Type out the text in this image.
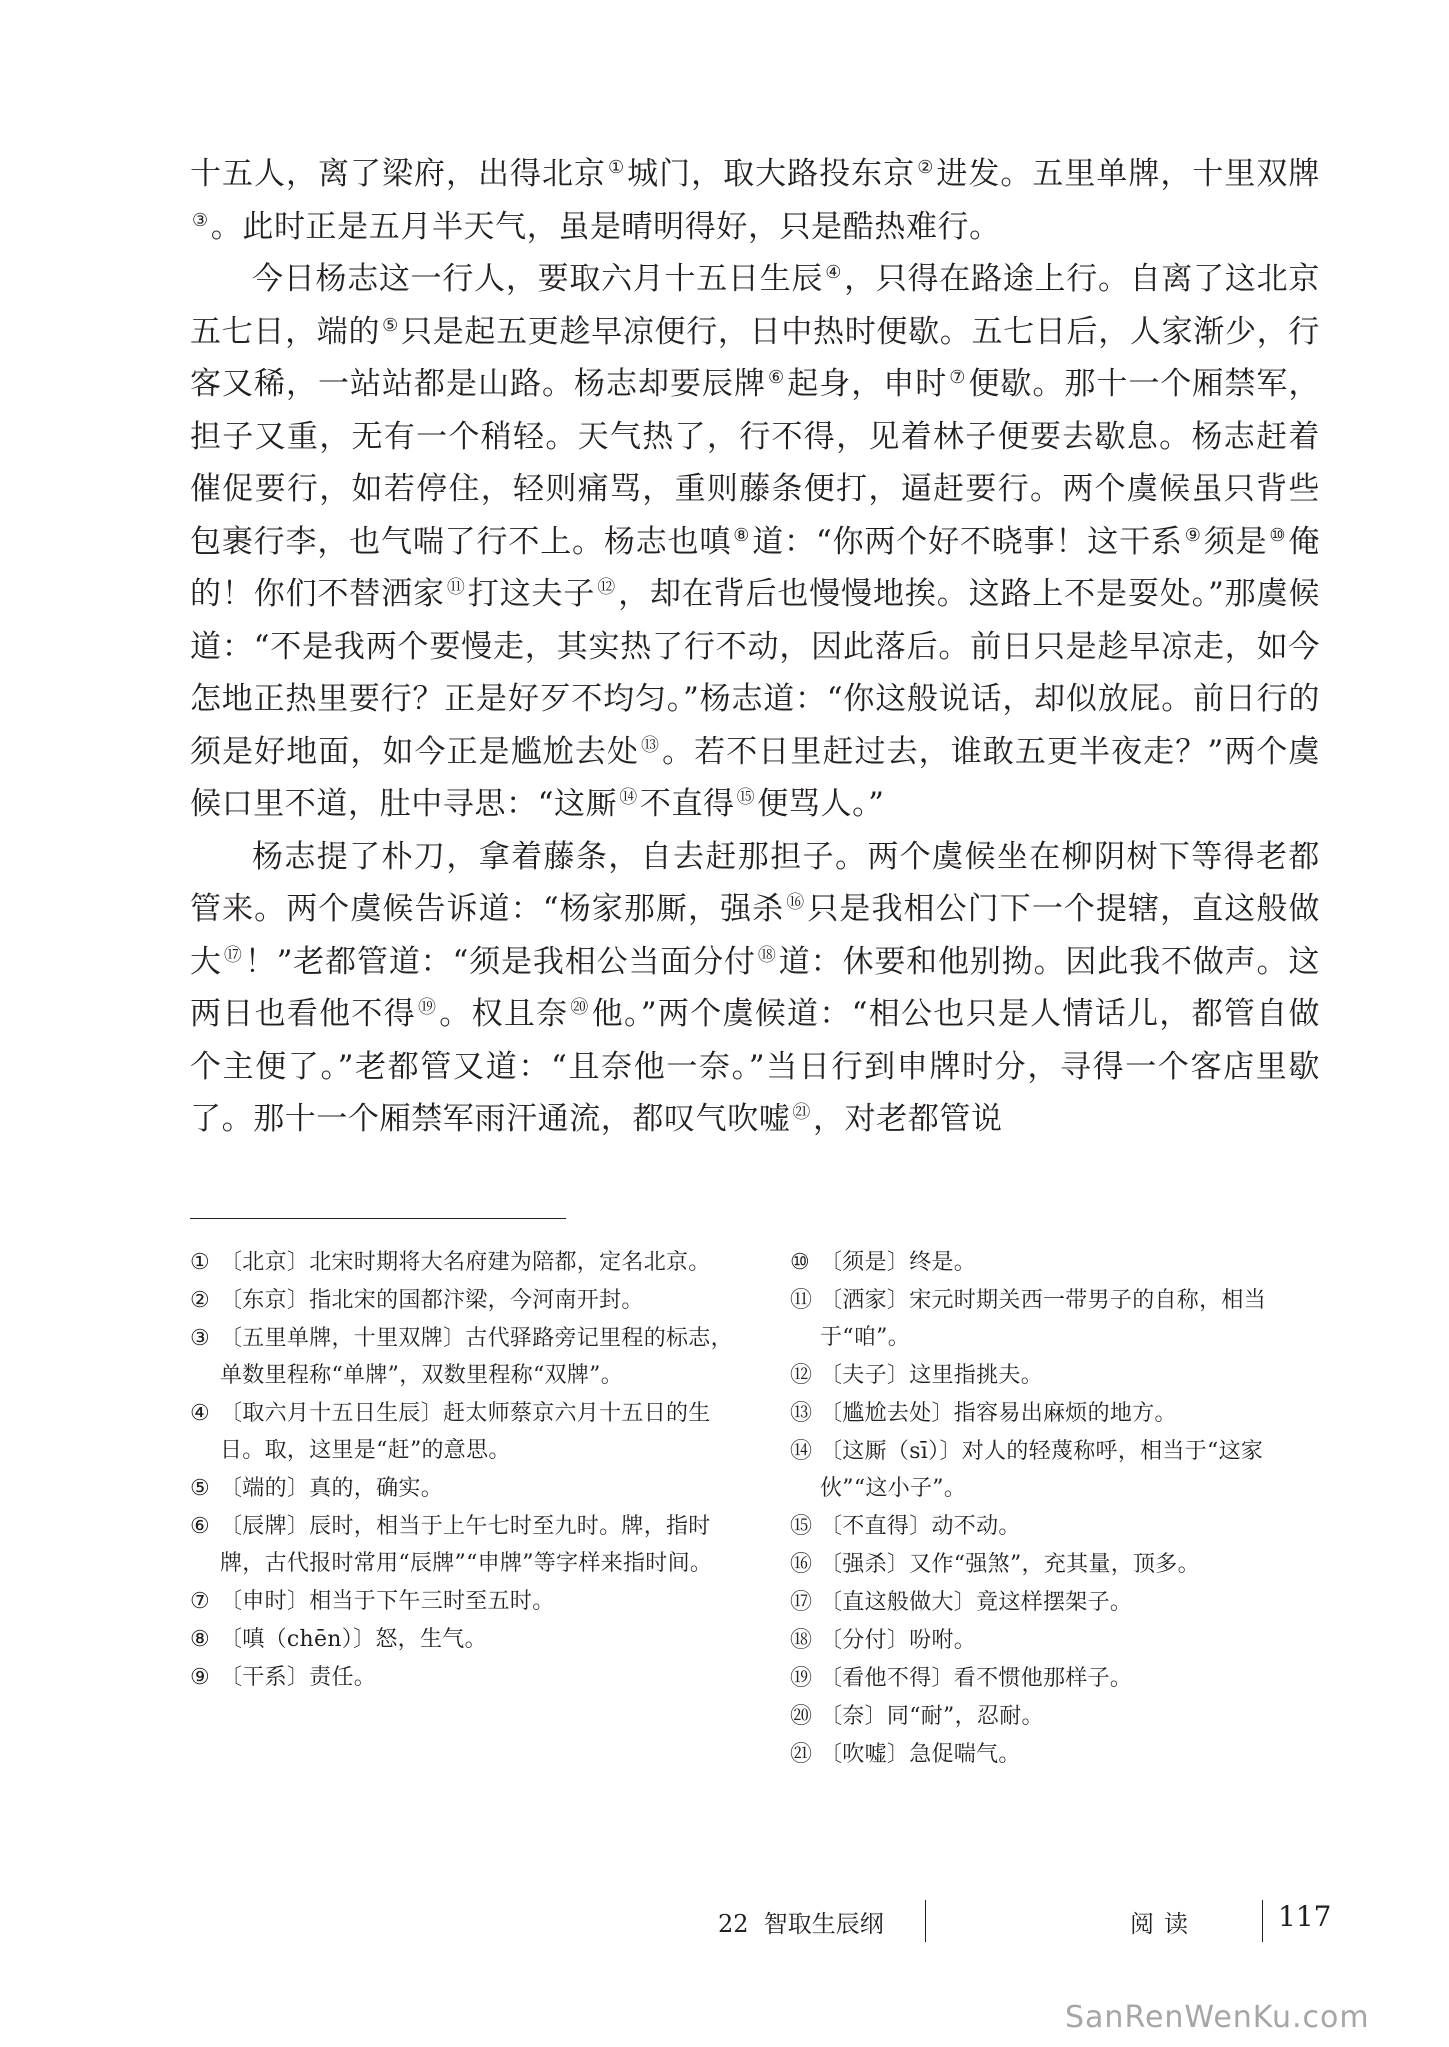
十五人，离了梁府，出得北京 ①城门，取大路投东京 ②进发。五里单牌，十里双牌③。此时正是五月半天气，虽是晴明得好，只是酷热难行。

今日杨志这一行人，要取六月十五日生辰 ④，只得在路途上行。自离了这北京五七日，端的 ⑤只是起五更趁早凉便行，日中热时便歇。五七日后，人家渐少，行客又稀，一站站都是山路。杨志却要辰牌 ⑥起身，申时 ⑦便歇。那十一个厢禁军，担子又重，无有一个稍轻。天气热了，行不得，见着林子便要去歇息。杨志赶着催促要行，如若停住，轻则痛骂，重则藤条便打，逼赶要行。两个虞候虽只背些包裹行李，也气喘了行不上。杨志也嗔 ⑧道：“你两个好不晓事！这干系 ⑨须是 ⑩俺的！你们不替洒家 ⑪打这夫子 ⑫，却在背后也慢慢地挨。这路上不是耍处。”那虞候道：“不是我两个要慢走，其实热了行不动，因此落后。前日只是趁早凉走，如今怎地正热里要行？正是好歹不均匀。”杨志道：“你这般说话，却似放屁。前日行的须是好地面，如今正是尴尬去处 ⑬。若不日里赶过去，谁敢五更半夜走？”两个虞候口里不道，肚中寻思：“这厮 ⑭不直得 ⑮便骂人。”

杨志提了朴刀，拿着藤条，自去赶那担子。两个虞候坐在柳阴树下等得老都管来。两个虞候告诉道：“杨家那厮，强杀 ⑯只是我相公门下一个提辖，直这般做大 ⑰！”老都管道：“须是我相公当面分付 ⑱道：休要和他别拗。因此我不做声。这两日也看他不得 ⑲。权且奈 ⑳他。”两个虞候道：“相公也只是人情话儿，都管自做个主便了。”老都管又道：“且奈他一奈。”当日行到申牌时分，寻得一个客店里歇了。那十一个厢禁军雨汗通流，都叹气吹嘘 $^㉑$，对老都管说

① 〔北京〕北宋时期将大名府建为陪都，定名北京。
② 〔东京〕指北宋的国都汴梁，今河南开封。
③ 〔五里单牌，十里双牌〕古代驿路旁记里程的标志，单数里程称“单牌”，双数里程称“双牌”。
④ 〔取六月十五日生辰〕赶太师蔡京六月十五日的生日。取，这里是“赶”的意思。
⑤ 〔端的〕真的，确实。
⑥ 〔辰牌〕辰时，相当于上午七时至九时。牌，指时牌，古代报时常用“辰牌”“申牌”等字样来指时间。
⑦ 〔申时〕相当于下午三时至五时。
⑧ 〔嗔（chēn）〕怒，生气。
⑨ 〔干系〕责任。
⑩ 〔须是〕终是。
⑪ 〔洒家〕宋元时期关西一带男子的自称，相当于“咱”。
⑫ 〔夫子〕这里指挑夫。
⑬ 〔尴尬去处〕指容易出麻烦的地方。
⑭ 〔这厮（sī）〕对人的轻蔑称呼，相当于“这家伙”“这小子”。
⑮ 〔不直得〕动不动。
⑯ 〔强杀〕又作“强煞”，充其量，顶多。
⑰ 〔直这般做大〕竟这样摆架子。
⑱ 〔分付〕吩咐。
⑲ 〔看他不得〕看不惯他那样子。
⑳ 〔奈〕同“耐”，忍耐。
㉑ 〔吹嘘〕急促喘气。
22  智取生辰纲	阅读	117
SanRenWenKu.com
